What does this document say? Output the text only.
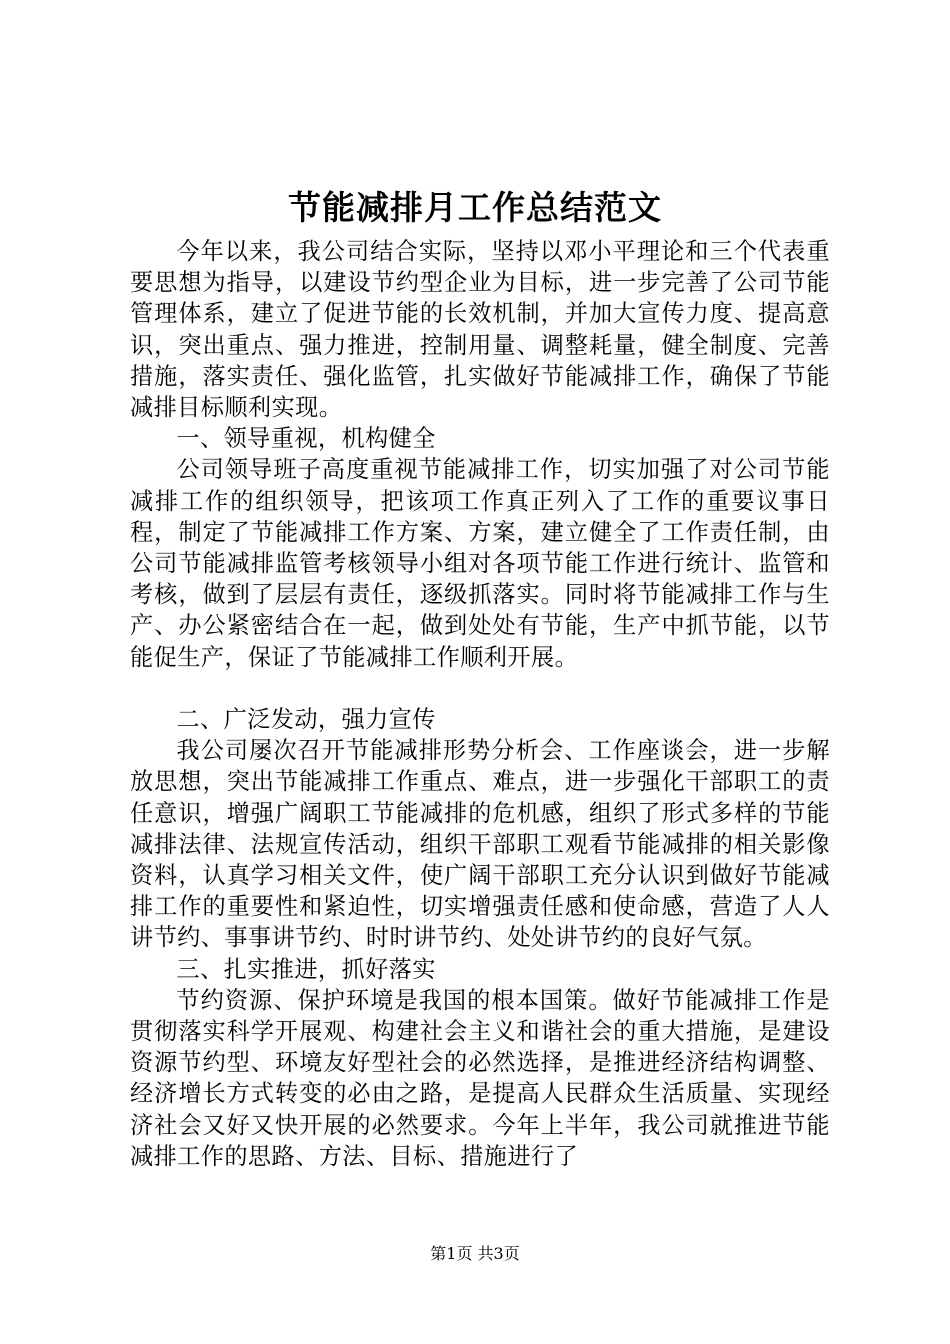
节能减排月工作总结范文

今年以来，我公司结合实际，坚持以邓小平理论和三个代表重要思想为指导，以建设节约型企业为目标，进一步完善了公司节能管理体系，建立了促进节能的长效机制，并加大宣传力度、提高意识，突出重点、强力推进，控制用量、调整耗量，健全制度、完善措施，落实责任、强化监管，扎实做好节能减排工作，确保了节能减排目标顺利实现。

一、领导重视，机构健全

公司领导班子高度重视节能减排工作，切实加强了对公司节能减排工作的组织领导，把该项工作真正列入了工作的重要议事日程，制定了节能减排工作方案、方案，建立健全了工作责任制，由公司节能减排监管考核领导小组对各项节能工作进行统计、监管和考核，做到了层层有责任，逐级抓落实。同时将节能减排工作与生产、办公紧密结合在一起，做到处处有节能，生产中抓节能，以节能促生产，保证了节能减排工作顺利开展。

二、广泛发动，强力宣传

我公司屡次召开节能减排形势分析会、工作座谈会，进一步解放思想，突出节能减排工作重点、难点，进一步强化干部职工的责任意识，增强广阔职工节能减排的危机感，组织了形式多样的节能减排法律、法规宣传活动，组织干部职工观看节能减排的相关影像资料，认真学习相关文件，使广阔干部职工充分认识到做好节能减排工作的重要性和紧迫性，切实增强责任感和使命感，营造了人人讲节约、事事讲节约、时时讲节约、处处讲节约的良好气氛。

三、扎实推进，抓好落实

节约资源、保护环境是我国的根本国策。做好节能减排工作是贯彻落实科学开展观、构建社会主义和谐社会的重大措施，是建设资源节约型、环境友好型社会的必然选择，是推进经济结构调整、经济增长方式转变的必由之路，是提高人民群众生活质量、实现经济社会又好又快开展的必然要求。今年上半年，我公司就推进节能减排工作的思路、方法、目标、措施进行了

第1页 共3页
